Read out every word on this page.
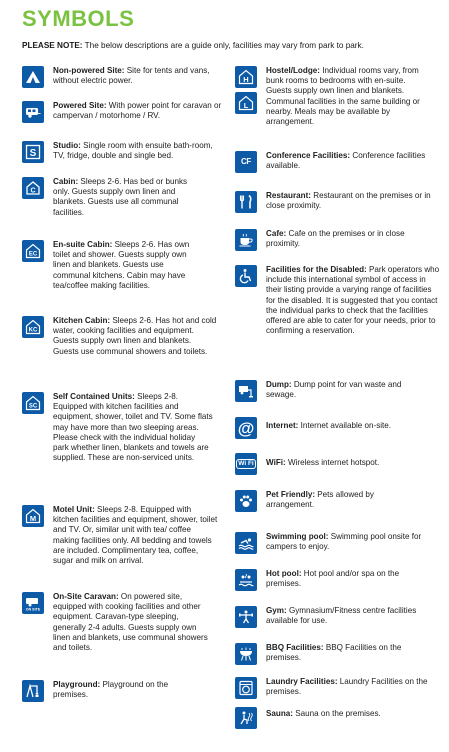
SYMBOLS
PLEASE NOTE: The below descriptions are a guide only, facilities may vary from park to park.
Non-powered Site: Site for tents and vans, without electric power.
Powered Site: With power point for caravan or campervan / motorhome / RV.
S
Studio: Single room with ensuite bath-room, TV, fridge, double and single bed.
C
Cabin: Sleeps 2-6. Has bed or bunks only. Guests supply own linen and blankets. Guests use all communal facilities.
EC
En-suite Cabin: Sleeps 2-6. Has own toilet and shower. Guests supply own linen and blankets. Guests use communal kitchens. Cabin may have tea/coffee making facilities.
KC
Kitchen Cabin: Sleeps 2-6. Has hot and cold water, cooking facilities and equipment. Guests supply own linen and blankets. Guests use communal showers and toilets.
SC
Self Contained Units: Sleeps 2-8. Equipped with kitchen facilities and equipment, shower, toilet and TV. Some flats may have more than two sleeping areas. Please check with the individual holiday park whether linen, blankets and towels are supplied. These are non-serviced units.
M
Motel Unit: Sleeps 2-8. Equipped with kitchen facilities and equipment, shower, toilet and TV. Or, similar unit with tea/ coffee making facilities only. All bedding and towels are included. Complimentary tea, coffee, sugar and milk on arrival.
ON SITE
On-Site Caravan: On powered site, equipped with cooking facilities and other equipment. Caravan-type sleeping, generally 2-4 adults. Guests supply own linen and blankets, use communal showers and toilets.
Playground: Playground on the premises.
H
L
Hostel/Lodge: Individual rooms vary, from bunk rooms to bedrooms with en-suite. Guests supply own linen and blankets. Communal facilities in the same building or nearby. Meals may be available by arrangement.
CF
Conference Facilities: Conference facilities available.
Restaurant: Restaurant on the premises or in close proximity.
Cafe: Cafe on the premises or in close proximity.
Facilities for the Disabled: Park operators who include this international symbol of access in their listing provide a varying range of facilities for the disabled. It is suggested that you contact the individual parks to check that the facilities offered are able to cater for your needs, prior to confirming a reservation.
Dump: Dump point for van waste and sewage.
@	Internet: Internet available on-site.
Wi Fi	WiFi: Wireless internet hotspot.
Pet Friendly: Pets allowed by arrangement.
Swimming pool: Swimming pool onsite for campers to enjoy.
Hot pool: Hot pool and/or spa on the premises.
Gym: Gymnasium/Fitness centre facilities available for use.
BBQ Facilities: BBQ Facilities on the premises.
Laundry Facilities: Laundry Facilities on the premises.
Sauna: Sauna on the premises.
